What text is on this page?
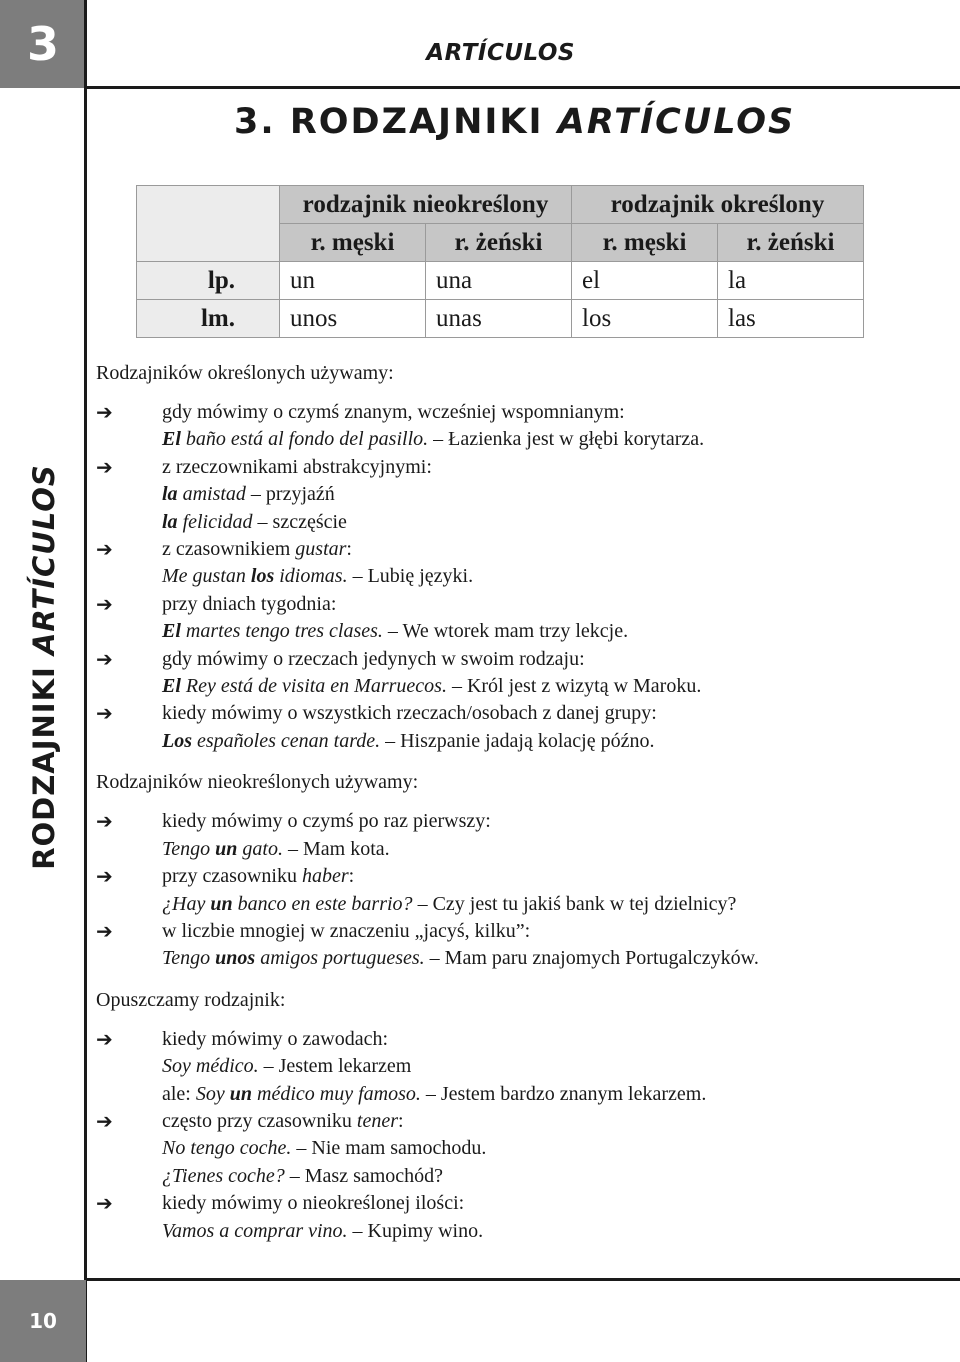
3	ARTÍCULOS
RODZAJNIKI ARTÍCULOS
10
3. RODZAJNIKI ARTÍCULOS
	rodzajnik nieokreślony		rodzajnik określony	
	r. męski	r. żeński	r. męski	r. żeński
lp.	un	una	el	la
lm.	unos	unas	los	las
Rodzajników określonych używamy:
➔	gdy mówimy o czymś znanym, wcześniej wspomnianym:
El baño está al fondo del pasillo. – Łazienka jest w głębi korytarza.
➔	z rzeczownikami abstrakcyjnymi:
la amistad – przyjaźń
la felicidad – szczęście
➔	z czasownikiem gustar:
Me gustan los idiomas. – Lubię języki.
➔	przy dniach tygodnia:
El martes tengo tres clases. – We wtorek mam trzy lekcje.
➔	gdy mówimy o rzeczach jedynych w swoim rodzaju:
El Rey está de visita en Marruecos. – Król jest z wizytą w Maroku.
➔	kiedy mówimy o wszystkich rzeczach/osobach z danej grupy:
Los españoles cenan tarde. – Hiszpanie jadają kolację późno.
Rodzajników nieokreślonych używamy:
➔	kiedy mówimy o czymś po raz pierwszy:
Tengo un gato. – Mam kota.
➔	przy czasowniku haber:
¿Hay un banco en este barrio? – Czy jest tu jakiś bank w tej dzielnicy?
➔	w liczbie mnogiej w znaczeniu „jacyś, kilku”:
Tengo unos amigos portugueses. – Mam paru znajomych Portugalczyków.
Opuszczamy rodzajnik:
➔	kiedy mówimy o zawodach:
Soy médico. – Jestem lekarzem
ale: Soy un médico muy famoso. – Jestem bardzo znanym lekarzem.
➔	często przy czasowniku tener:
No tengo coche. – Nie mam samochodu.
¿Tienes coche? – Masz samochód?
➔	kiedy mówimy o nieokreślonej ilości:
Vamos a comprar vino. – Kupimy wino.
